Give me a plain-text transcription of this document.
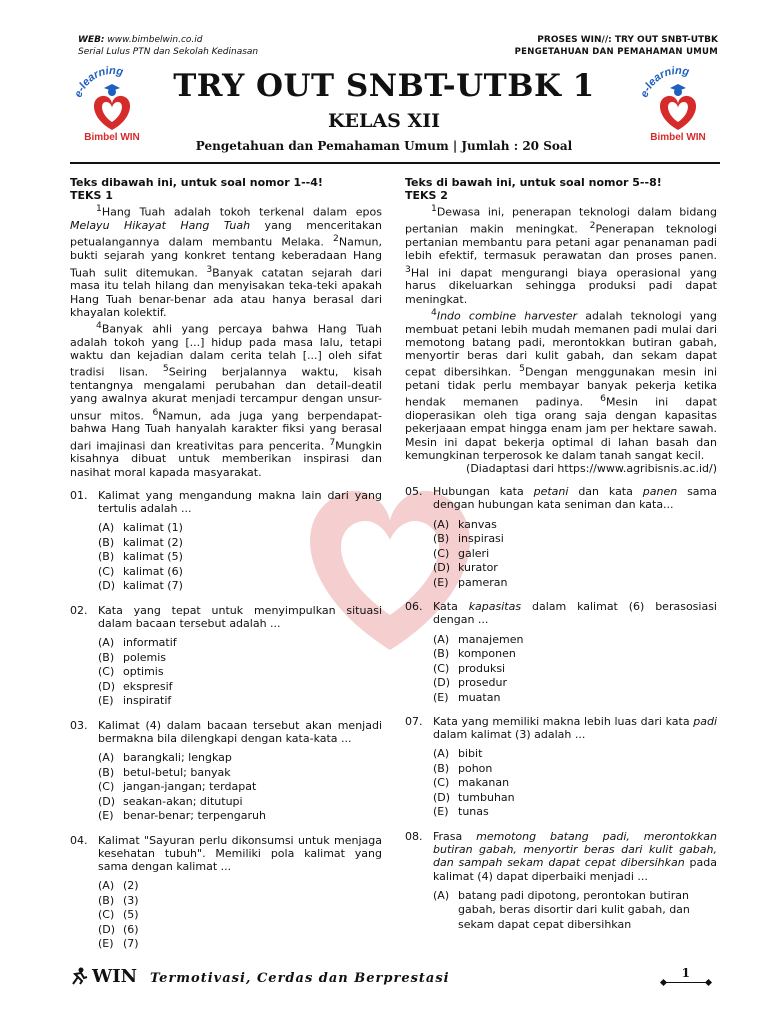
WEB: www.bimbelwin.co.id
Serial Lulus PTN dan Sekolah Kedinasan
PROSES WIN//: TRY OUT SNBT-UTBK
PENGETAHUAN DAN PEMAHAMAN UMUM
e-learning
Bimbel WIN
e-learning
Bimbel WIN
TRY OUT SNBT-UTBK 1
KELAS XII
Pengetahuan dan Pemahaman Umum | Jumlah : 20 Soal

Teks dibawah ini, untuk soal nomor 1--4!

TEKS 1

$^1$Hang Tuah adalah tokoh terkenal dalam epos Melayu Hikayat Hang Tuah yang menceritakan petualangannya dalam membantu Melaka. $^2$Namun, bukti sejarah yang konkret tentang keberadaan Hang Tuah sulit ditemukan. $^3$Banyak catatan sejarah dari masa itu telah hilang dan menyisakan teka-teki apakah Hang Tuah benar-benar ada atau hanya berasal dari khayalan kolektif.

$^4$Banyak ahli yang percaya bahwa Hang Tuah adalah tokoh yang [...] hidup pada masa lalu, tetapi waktu dan kejadian dalam cerita telah [...] oleh sifat tradisi lisan. $^5$Seiring berjalannya waktu, kisah tentangnya mengalami perubahan dan detail-deatil yang awalnya akurat menjadi tercampur dengan unsur-unsur mitos. $^6$Namun, ada juga yang berpendapat-bahwa Hang Tuah hanyalah karakter fiksi yang berasal dari imajinasi dan kreativitas para pencerita. $^7$Mungkin kisahnya dibuat untuk memberikan inspirasi dan nasihat moral kapada masyarakat.

01. Kalimat yang mengandung makna lain dari yang tertulis adalah ...
(A) kalimat (1)
(B) kalimat (2)
(B) kalimat (5)
(C) kalimat (6)
(D) kalimat (7)
02. Kata yang tepat untuk menyimpulkan situasi dalam bacaan tersebut adalah ...
(A) informatif
(B) polemis
(C) optimis
(D) ekspresif
(E) inspiratif
03. Kalimat (4) dalam bacaan tersebut akan menjadi bermakna bila dilengkapi dengan kata-kata ...
(A) barangkali; lengkap
(B) betul-betul; banyak
(C) jangan-jangan; terdapat
(D) seakan-akan; ditutupi
(E) benar-benar; terpengaruh
04. Kalimat "Sayuran perlu dikonsumsi untuk menjaga kesehatan tubuh". Memiliki pola kalimat yang sama dengan kalimat ...
(A) (2)
(B) (3)
(C) (5)
(D) (6)
(E) (7)

Teks di bawah ini, untuk soal nomor 5--8!

TEKS 2

$^1$Dewasa ini, penerapan teknologi dalam bidang pertanian makin meningkat. $^2$Penerapan teknologi pertanian membantu para petani agar penanaman padi lebih efektif, termasuk perawatan dan proses panen. $^3$Hal ini dapat mengurangi biaya operasional yang harus dikeluarkan sehingga produksi padi dapat meningkat.

$^4$Indo combine harvester adalah teknologi yang membuat petani lebih mudah memanen padi mulai dari memotong batang padi, merontokkan butiran gabah, menyortir beras dari kulit gabah, dan sekam dapat cepat dibersihkan. $^5$Dengan menggunakan mesin ini petani tidak perlu membayar banyak pekerja ketika hendak memanen padinya. $^6$Mesin ini dapat dioperasikan oleh tiga orang saja dengan kapasitas pekerjaaan empat hingga enam jam per hektare sawah. Mesin ini dapat bekerja optimal di lahan basah dan kemungkinan terperosok ke dalam tanah sangat kecil.

(Diadaptasi dari https://www.agribisnis.ac.id/)

05. Hubungan kata petani dan kata panen sama dengan hubungan kata seniman dan kata...
(A) kanvas
(B) inspirasi
(C) galeri
(D) kurator
(E) pameran
06. Kata kapasitas dalam kalimat (6) berasosiasi dengan ...
(A) manajemen
(B) komponen
(C) produksi
(D) prosedur
(E) muatan
07. Kata yang memiliki makna lebih luas dari kata padi dalam kalimat (3) adalah ...
(A) bibit
(B) pohon
(C) makanan
(D) tumbuhan
(E) tunas
08. Frasa memotong batang padi, merontokkan butiran gabah, menyortir beras dari kulit gabah, dan sampah sekam dapat cepat dibersihkan pada kalimat (4) dapat diperbaiki menjadi ...
(A) batang padi dipotong, perontokan butiran gabah, beras disortir dari kulit gabah, dan sekam dapat cepat dibersihkan
WIN Termotivasi, Cerdas dan Berprestasi	1
